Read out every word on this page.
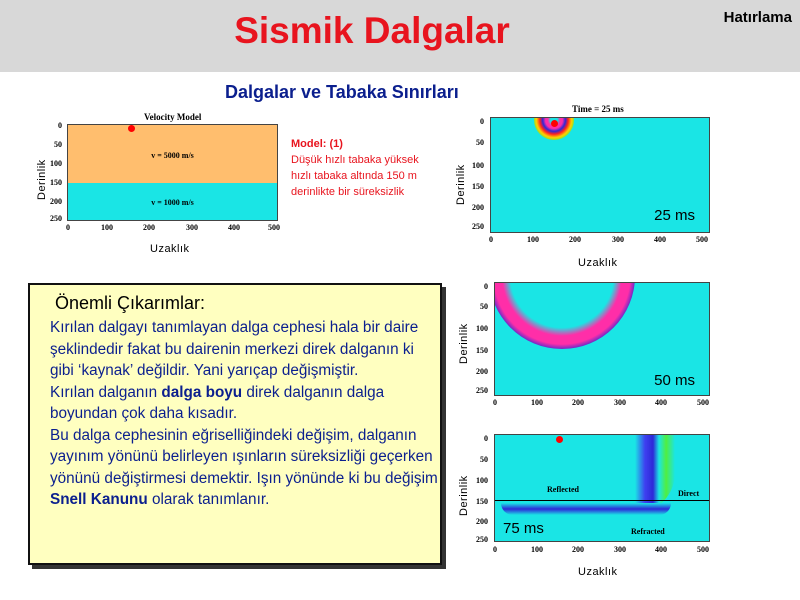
Sismik Dalgalar	Hatırlama
Dalgalar ve Tabaka Sınırları
Velocity Model
v = 5000 m/s
v = 1000 m/s
0
50
100
150
200
250
0	100	200	300	400	500
Derinlik
Uzaklık
Model: (1)
Düşük hızlı tabaka yüksek
hızlı tabaka altında 150 m
derinlikte bir süreksizlik
Time = 25 ms
25 ms
0
50
100
150
200
250
0	100	200	300	400	500
Derinlik
Uzaklık
50 ms
0
50
100
150
200
250
0	100	200	300	400	500
Derinlik
Reflected	Direct
Refracted
75 ms
0
50
100
150
200
250
0	100	200	300	400	500
Derinlik
Uzaklık
Önemli Çıkarımlar:
Kırılan dalgayı tanımlayan dalga cephesi hala bir daire şeklindedir fakat bu dairenin merkezi direk dalganın ki gibi ‘kaynak’ değildir. Yani yarıçap değişmiştir.
Kırılan dalganın dalga boyu direk dalganın dalga boyundan çok daha kısadır.
Bu dalga cephesinin eğriselliğindeki değişim, dalganın yayınım yönünü belirleyen ışınların süreksizliği geçerken yönünü değiştirmesi demektir. Işın yönünde ki bu değişim Snell Kanunu olarak tanımlanır.
